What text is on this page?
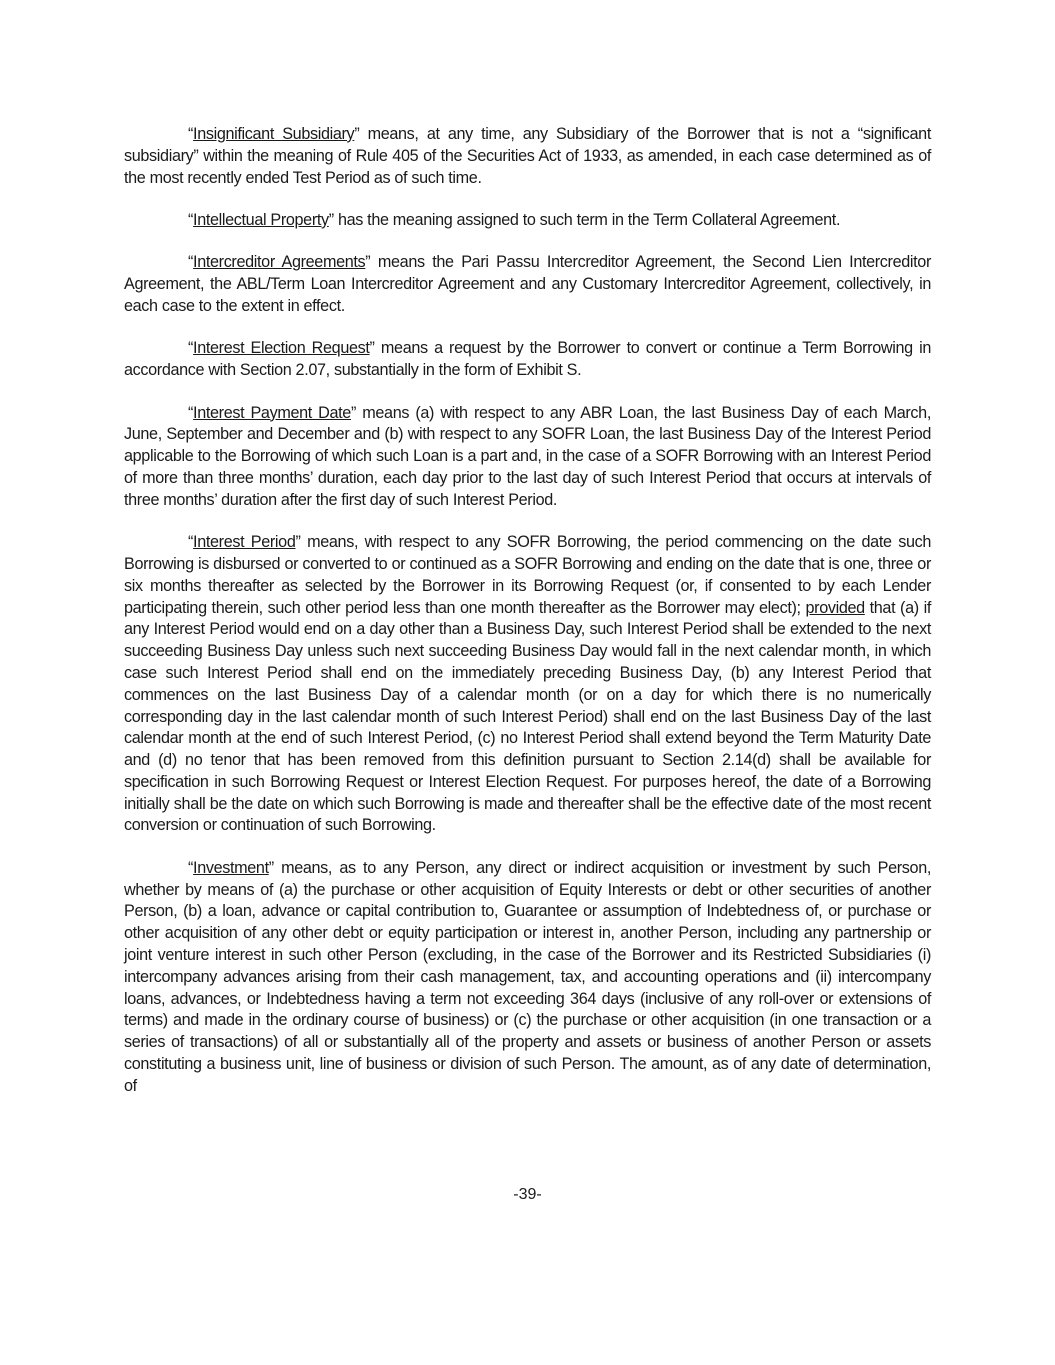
“Insignificant Subsidiary” means, at any time, any Subsidiary of the Borrower that is not a “significant subsidiary” within the meaning of Rule 405 of the Securities Act of 1933, as amended, in each case determined as of the most recently ended Test Period as of such time.

“Intellectual Property” has the meaning assigned to such term in the Term Collateral Agreement.

“Intercreditor Agreements” means the Pari Passu Intercreditor Agreement, the Second Lien Intercreditor Agreement, the ABL/Term Loan Intercreditor Agreement and any Customary Intercreditor Agreement, collectively, in each case to the extent in effect.

“Interest Election Request” means a request by the Borrower to convert or continue a Term Borrowing in accordance with Section 2.07, substantially in the form of Exhibit S.

“Interest Payment Date” means (a) with respect to any ABR Loan, the last Business Day of each March, June, September and December and (b) with respect to any SOFR Loan, the last Business Day of the Interest Period applicable to the Borrowing of which such Loan is a part and, in the case of a SOFR Borrowing with an Interest Period of more than three months’ duration, each day prior to the last day of such Interest Period that occurs at intervals of three months’ duration after the first day of such Interest Period.

“Interest Period” means, with respect to any SOFR Borrowing, the period commencing on the date such Borrowing is disbursed or converted to or continued as a SOFR Borrowing and ending on the date that is one, three or six months thereafter as selected by the Borrower in its Borrowing Request (or, if consented to by each Lender participating therein, such other period less than one month thereafter as the Borrower may elect); provided that (a) if any Interest Period would end on a day other than a Business Day, such Interest Period shall be extended to the next succeeding Business Day unless such next succeeding Business Day would fall in the next calendar month, in which case such Interest Period shall end on the immediately preceding Business Day, (b) any Interest Period that commences on the last Business Day of a calendar month (or on a day for which there is no numerically corresponding day in the last calendar month of such Interest Period) shall end on the last Business Day of the last calendar month at the end of such Interest Period, (c) no Interest Period shall extend beyond the Term Maturity Date and (d) no tenor that has been removed from this definition pursuant to Section 2.14(d) shall be available for specification in such Borrowing Request or Interest Election Request. For purposes hereof, the date of a Borrowing initially shall be the date on which such Borrowing is made and thereafter shall be the effective date of the most recent conversion or continuation of such Borrowing.

“Investment” means, as to any Person, any direct or indirect acquisition or investment by such Person, whether by means of (a) the purchase or other acquisition of Equity Interests or debt or other securities of another Person, (b) a loan, advance or capital contribution to, Guarantee or assumption of Indebtedness of, or purchase or other acquisition of any other debt or equity participation or interest in, another Person, including any partnership or joint venture interest in such other Person (excluding, in the case of the Borrower and its Restricted Subsidiaries (i) intercompany advances arising from their cash management, tax, and accounting operations and (ii) intercompany loans, advances, or Indebtedness having a term not exceeding 364 days (inclusive of any roll-over or extensions of terms) and made in the ordinary course of business) or (c) the purchase or other acquisition (in one transaction or a series of transactions) of all or substantially all of the property and assets or business of another Person or assets constituting a business unit, line of business or division of such Person. The amount, as of any date of determination, of

-39-
